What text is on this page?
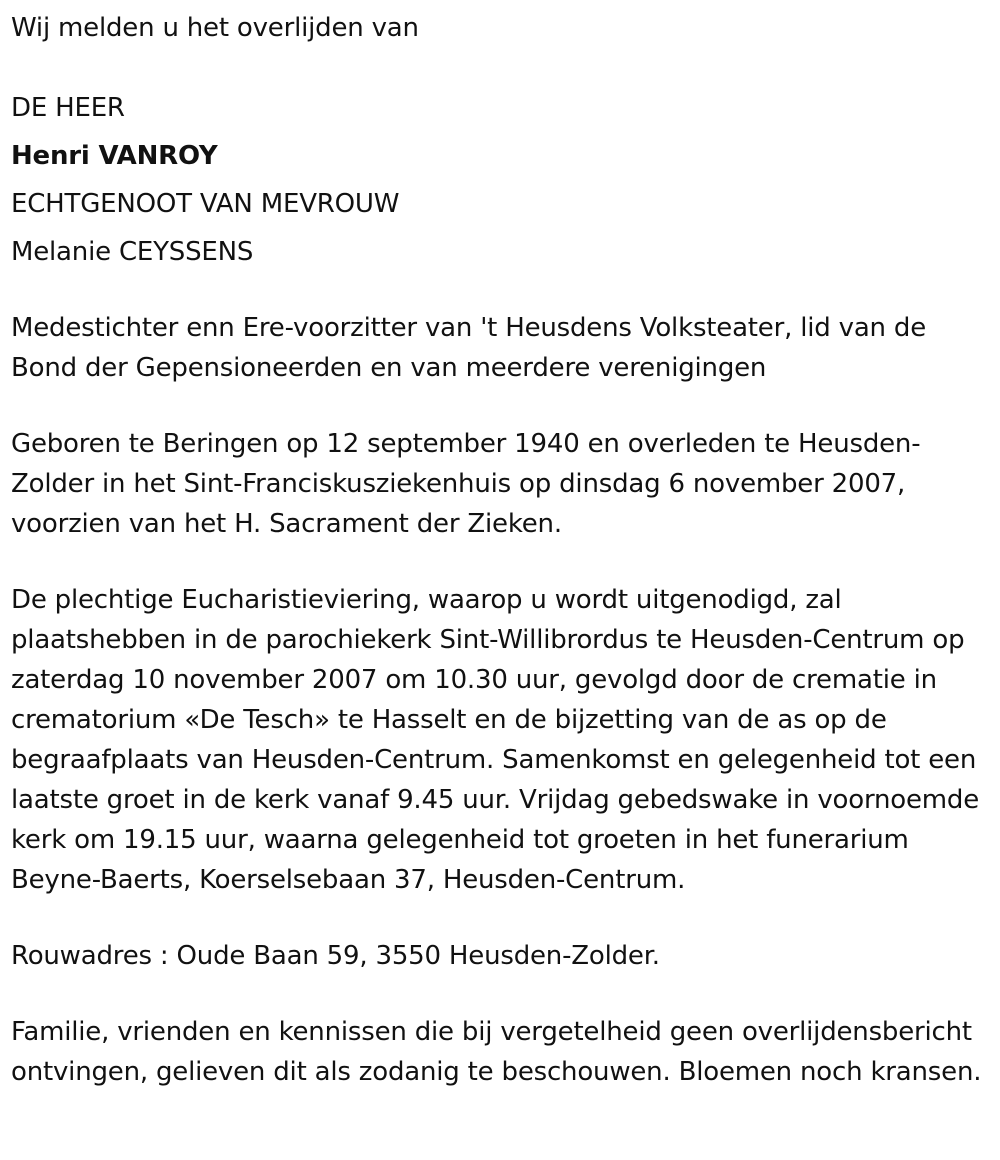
Wij melden u het overlijden van

DE HEER

Henri VANROY

ECHTGENOOT VAN MEVROUW

Melanie CEYSSENS

Medestichter enn Ere-voorzitter van 't Heusdens Volksteater, lid van de Bond der Gepensioneerden en van meerdere verenigingen

Geboren te Beringen op 12 september 1940 en overleden te Heusden-Zolder in het Sint-Franciskusziekenhuis op dinsdag 6 november 2007, voorzien van het H. Sacrament der Zieken.

De plechtige Eucharistieviering, waarop u wordt uitgenodigd, zal plaatshebben in de parochiekerk Sint-Willibrordus te Heusden-Centrum op zaterdag 10 november 2007 om 10.30 uur, gevolgd door de crematie in crematorium «De Tesch» te Hasselt en de bijzetting van de as op de begraafplaats van Heusden-Centrum. Samenkomst en gelegenheid tot een laatste groet in de kerk vanaf 9.45 uur. Vrijdag gebedswake in voornoemde kerk om 19.15 uur, waarna gelegenheid tot groeten in het funerarium Beyne-Baerts, Koerselsebaan 37, Heusden-Centrum.

Rouwadres : Oude Baan 59, 3550 Heusden-Zolder.

Familie, vrienden en kennissen die bij vergetelheid geen overlijdensbericht ontvingen, gelieven dit als zodanig te beschouwen. Bloemen noch kransen.
